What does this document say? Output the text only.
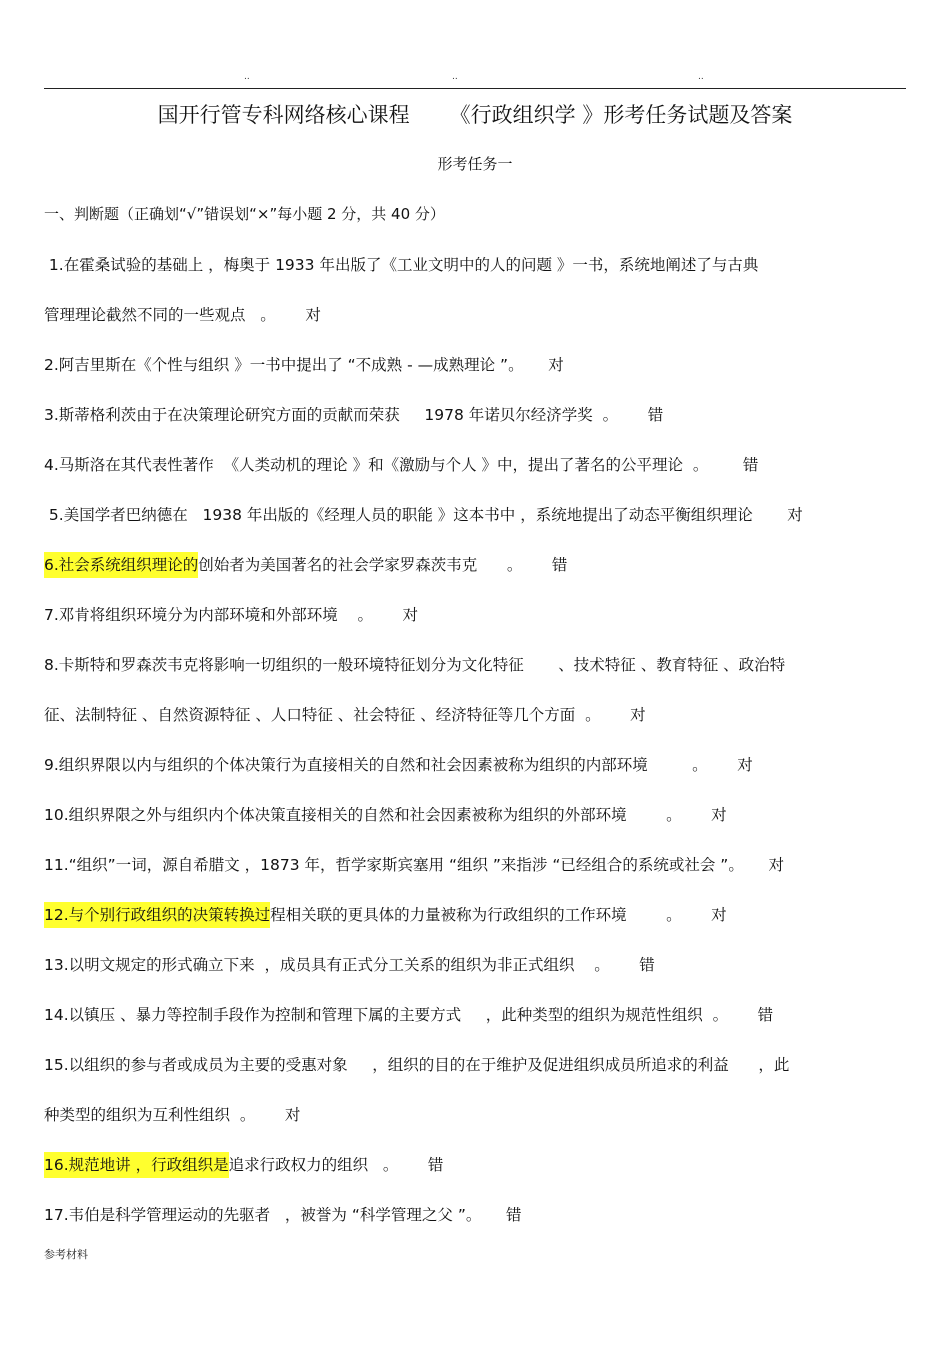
..	..	..
国开行管专科网络核心课程      《行政组织学 》形考任务试题及答案
形考任务一
一、判断题（正确划“√”错误划“×”每小题 2 分，共 40 分）
1.在霍桑试验的基础上 ，梅奥于 1933 年出版了《工业文明中的人的问题 》一书，系统地阐述了与古典
管理理论截然不同的一些观点   。      对
2.阿吉里斯在《个性与组织 》一书中提出了 “不成熟 - —成熟理论 ”。     对
3.斯蒂格利茨由于在决策理论研究方面的贡献而荣获     1978 年诺贝尔经济学奖  。      错
4.马斯洛在其代表性著作  《人类动机的理论 》和《激励与个人 》中，提出了著名的公平理论  。       错
5.美国学者巴纳德在   1938 年出版的《经理人员的职能 》这本书中 ，系统地提出了动态平衡组织理论       对
6.社会系统组织理论的创始者为美国著名的社会学家罗森茨韦克      。      错
7.邓肯将组织环境分为内部环境和外部环境    。      对
8.卡斯特和罗森茨韦克将影响一切组织的一般环境特征划分为文化特征       、技术特征 、教育特征 、政治特
征、法制特征 、自然资源特征 、人口特征 、社会特征 、经济特征等几个方面  。      对
9.组织界限以内与组织的个体决策行为直接相关的自然和社会因素被称为组织的内部环境         。      对
10.组织界限之外与组织内个体决策直接相关的自然和社会因素被称为组织的外部环境        。      对
11.“组织”一词，源自希腊文 ，1873 年，哲学家斯宾塞用 “组织 ”来指涉 “已经组合的系统或社会 ”。     对
12.与个别行政组织的决策转换过程相关联的更具体的力量被称为行政组织的工作环境        。      对
13.以明文规定的形式确立下来  ，成员具有正式分工关系的组织为非正式组织    。      错
14.以镇压 、暴力等控制手段作为控制和管理下属的主要方式     ，此种类型的组织为规范性组织  。      错
15.以组织的参与者或成员为主要的受惠对象     ，组织的目的在于维护及促进组织成员所追求的利益      ，此
种类型的组织为互利性组织  。      对
16.规范地讲 ，行政组织是追求行政权力的组织   。      错
17.韦伯是科学管理运动的先驱者   ，被誉为 “科学管理之父 ”。     错
参考材料
